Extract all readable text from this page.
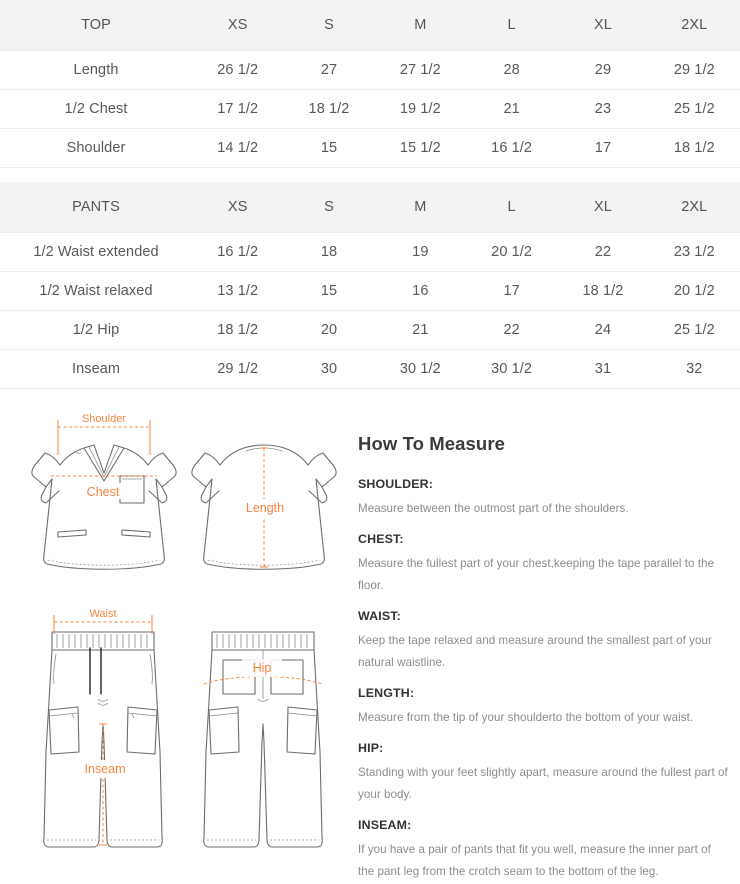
TOP	XS	S	M	L	XL	2XL
Length	26 1/2	27	27 1/2	28	29	29 1/2
1/2 Chest	17 1/2	18 1/2	19 1/2	21	23	25 1/2
Shoulder	14 1/2	15	15 1/2	16 1/2	17	18 1/2
PANTS	XS	S	M	L	XL	2XL
1/2 Waist extended	16 1/2	18	19	20 1/2	22	23 1/2
1/2 Waist relaxed	13 1/2	15	16	17	18 1/2	20 1/2
1/2 Hip	18 1/2	20	21	22	24	25 1/2
Inseam	29 1/2	30	30 1/2	30 1/2	31	32
Shoulder
Chest
Length
Waist
Inseam
Hip
How To Measure

SHOULDER:

Measure between the outmost part of the shoulders.

CHEST:

Measure the fullest part of your chest,keeping the tape parallel to the floor.

WAIST:

Keep the tape relaxed and measure around the smallest part of your natural waistline.

LENGTH:

Measure from the tip of your shoulderto the bottom of your waist.

HIP:

Standing with your feet slightly apart, measure around the fullest part of your body.

INSEAM:

If you have a pair of pants that fit you well, measure the inner part of the pant leg from the crotch seam to the bottom of the leg.
